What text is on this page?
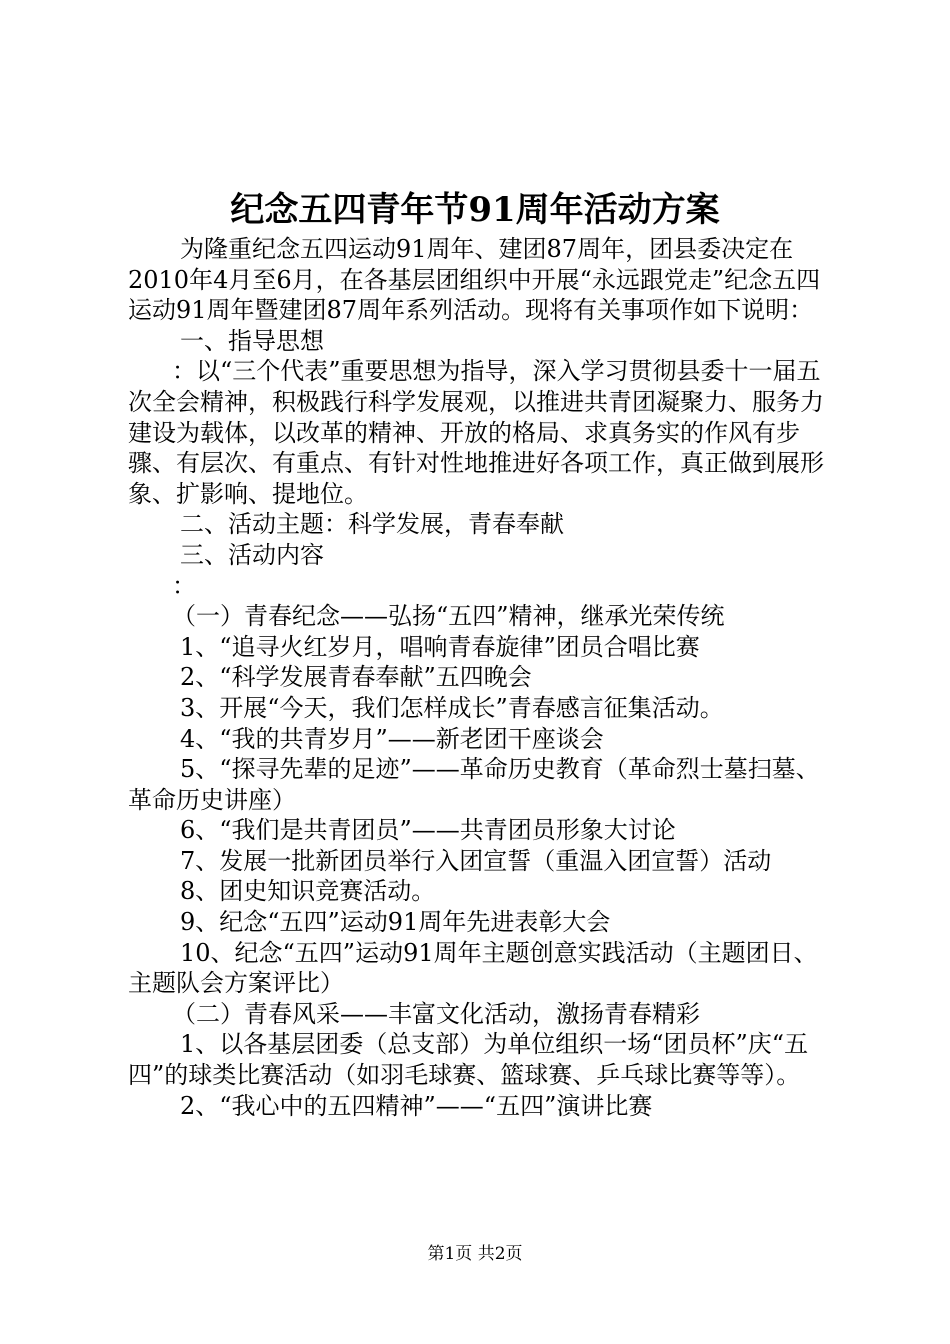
纪念五四青年节91周年活动方案

为隆重纪念五四运动91周年、建团87周年，团县委决定在2010年4月至6月，在各基层团组织中开展“永远跟党走”纪念五四运动91周年暨建团87周年系列活动。现将有关事项作如下说明：

一、指导思想

：以“三个代表”重要思想为指导，深入学习贯彻县委十一届五次全会精神，积极践行科学发展观，以推进共青团凝聚力、服务力建设为载体，以改革的精神、开放的格局、求真务实的作风有步骤、有层次、有重点、有针对性地推进好各项工作，真正做到展形象、扩影响、提地位。

二、活动主题：科学发展，青春奉献

三、活动内容

：

（一）青春纪念——弘扬“五四”精神，继承光荣传统

1、“追寻火红岁月，唱响青春旋律”团员合唱比赛

2、“科学发展青春奉献”五四晚会

3、开展“今天，我们怎样成长”青春感言征集活动。

4、“我的共青岁月”——新老团干座谈会

5、“探寻先辈的足迹”——革命历史教育（革命烈士墓扫墓、革命历史讲座）

6、“我们是共青团员”——共青团员形象大讨论

7、发展一批新团员举行入团宣誓（重温入团宣誓）活动

8、团史知识竞赛活动。

9、纪念“五四”运动91周年先进表彰大会

10、纪念“五四”运动91周年主题创意实践活动（主题团日、主题队会方案评比）

（二）青春风采——丰富文化活动，激扬青春精彩

1、以各基层团委（总支部）为单位组织一场“团员杯”庆“五四”的球类比赛活动（如羽毛球赛、篮球赛、乒乓球比赛等等）。

2、“我心中的五四精神”——“五四”演讲比赛

第1页 共2页
